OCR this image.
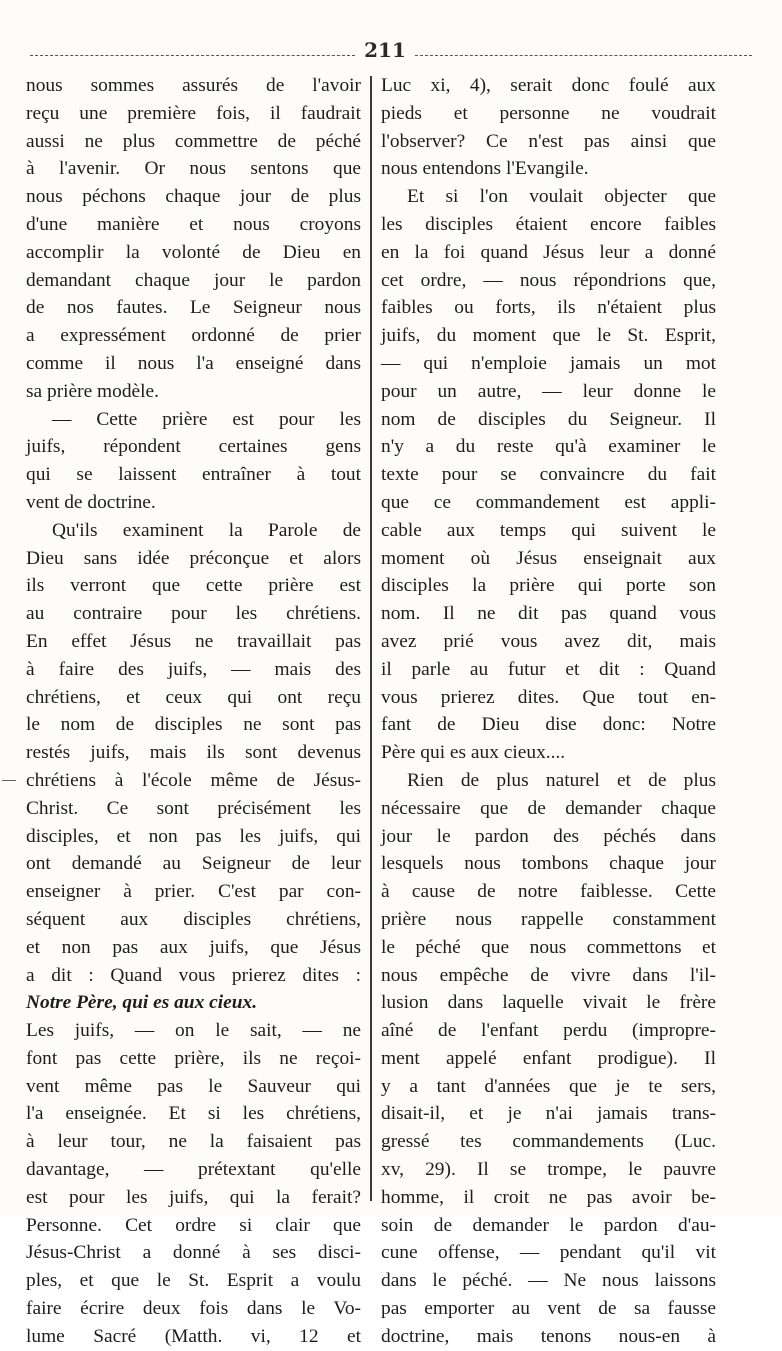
211

nous sommes assurés de l'avoir

reçu une première fois, il faudrait

aussi ne plus commettre de péché

à l'avenir. Or nous sentons que

nous péchons chaque jour de plus

d'une manière et nous croyons

accomplir la volonté de Dieu en

demandant chaque jour le pardon

de nos fautes. Le Seigneur nous

a expressément ordonné de prier

comme il nous l'a enseigné dans

sa prière modèle.

— Cette prière est pour les

juifs, répondent certaines gens

qui se laissent entraîner à tout

vent de doctrine.

Qu'ils examinent la Parole de

Dieu sans idée préconçue et alors

ils verront que cette prière est

au contraire pour les chrétiens.

En effet Jésus ne travaillait pas

à faire des juifs, — mais des

chrétiens, et ceux qui ont reçu

le nom de disciples ne sont pas

restés juifs, mais ils sont devenus

chrétiens à l'école même de Jésus-

Christ. Ce sont précisément les

disciples, et non pas les juifs, qui

ont demandé au Seigneur de leur

enseigner à prier. C'est par con-

séquent aux disciples chrétiens,

et non pas aux juifs, que Jésus

a dit : Quand vous prierez dites :

Notre Père, qui es aux cieux.

Les juifs, — on le sait, — ne

font pas cette prière, ils ne reçoi-

vent même pas le Sauveur qui

l'a enseignée. Et si les chrétiens,

à leur tour, ne la faisaient pas

davantage, — prétextant qu'elle

est pour les juifs, qui la ferait?

Personne. Cet ordre si clair que

Jésus-Christ a donné à ses disci-

ples, et que le St. Esprit a voulu

faire écrire deux fois dans le Vo-

lume Sacré (Matth. vi, 12 et

Luc xi, 4), serait donc foulé aux

pieds et personne ne voudrait

l'observer? Ce n'est pas ainsi que

nous entendons l'Evangile.

Et si l'on voulait objecter que

les disciples étaient encore faibles

en la foi quand Jésus leur a donné

cet ordre, — nous répondrions que,

faibles ou forts, ils n'étaient plus

juifs, du moment que le St. Esprit,

— qui n'emploie jamais un mot

pour un autre, — leur donne le

nom de disciples du Seigneur. Il

n'y a du reste qu'à examiner le

texte pour se convaincre du fait

que ce commandement est appli-

cable aux temps qui suivent le

moment où Jésus enseignait aux

disciples la prière qui porte son

nom. Il ne dit pas quand vous

avez prié vous avez dit, mais

il parle au futur et dit : Quand

vous prierez dites. Que tout en-

fant de Dieu dise donc: Notre

Père qui es aux cieux....

Rien de plus naturel et de plus

nécessaire que de demander chaque

jour le pardon des péchés dans

lesquels nous tombons chaque jour

à cause de notre faiblesse. Cette

prière nous rappelle constamment

le péché que nous commettons et

nous empêche de vivre dans l'il-

lusion dans laquelle vivait le frère

aîné de l'enfant perdu (impropre-

ment appelé enfant prodigue). Il

y a tant d'années que je te sers,

disait-il, et je n'ai jamais trans-

gressé tes commandements (Luc.

xv, 29). Il se trompe, le pauvre

homme, il croit ne pas avoir be-

soin de demander le pardon d'au-

cune offense, — pendant qu'il vit

dans le péché. — Ne nous laissons

pas emporter au vent de sa fausse

doctrine, mais tenons nous-en à
